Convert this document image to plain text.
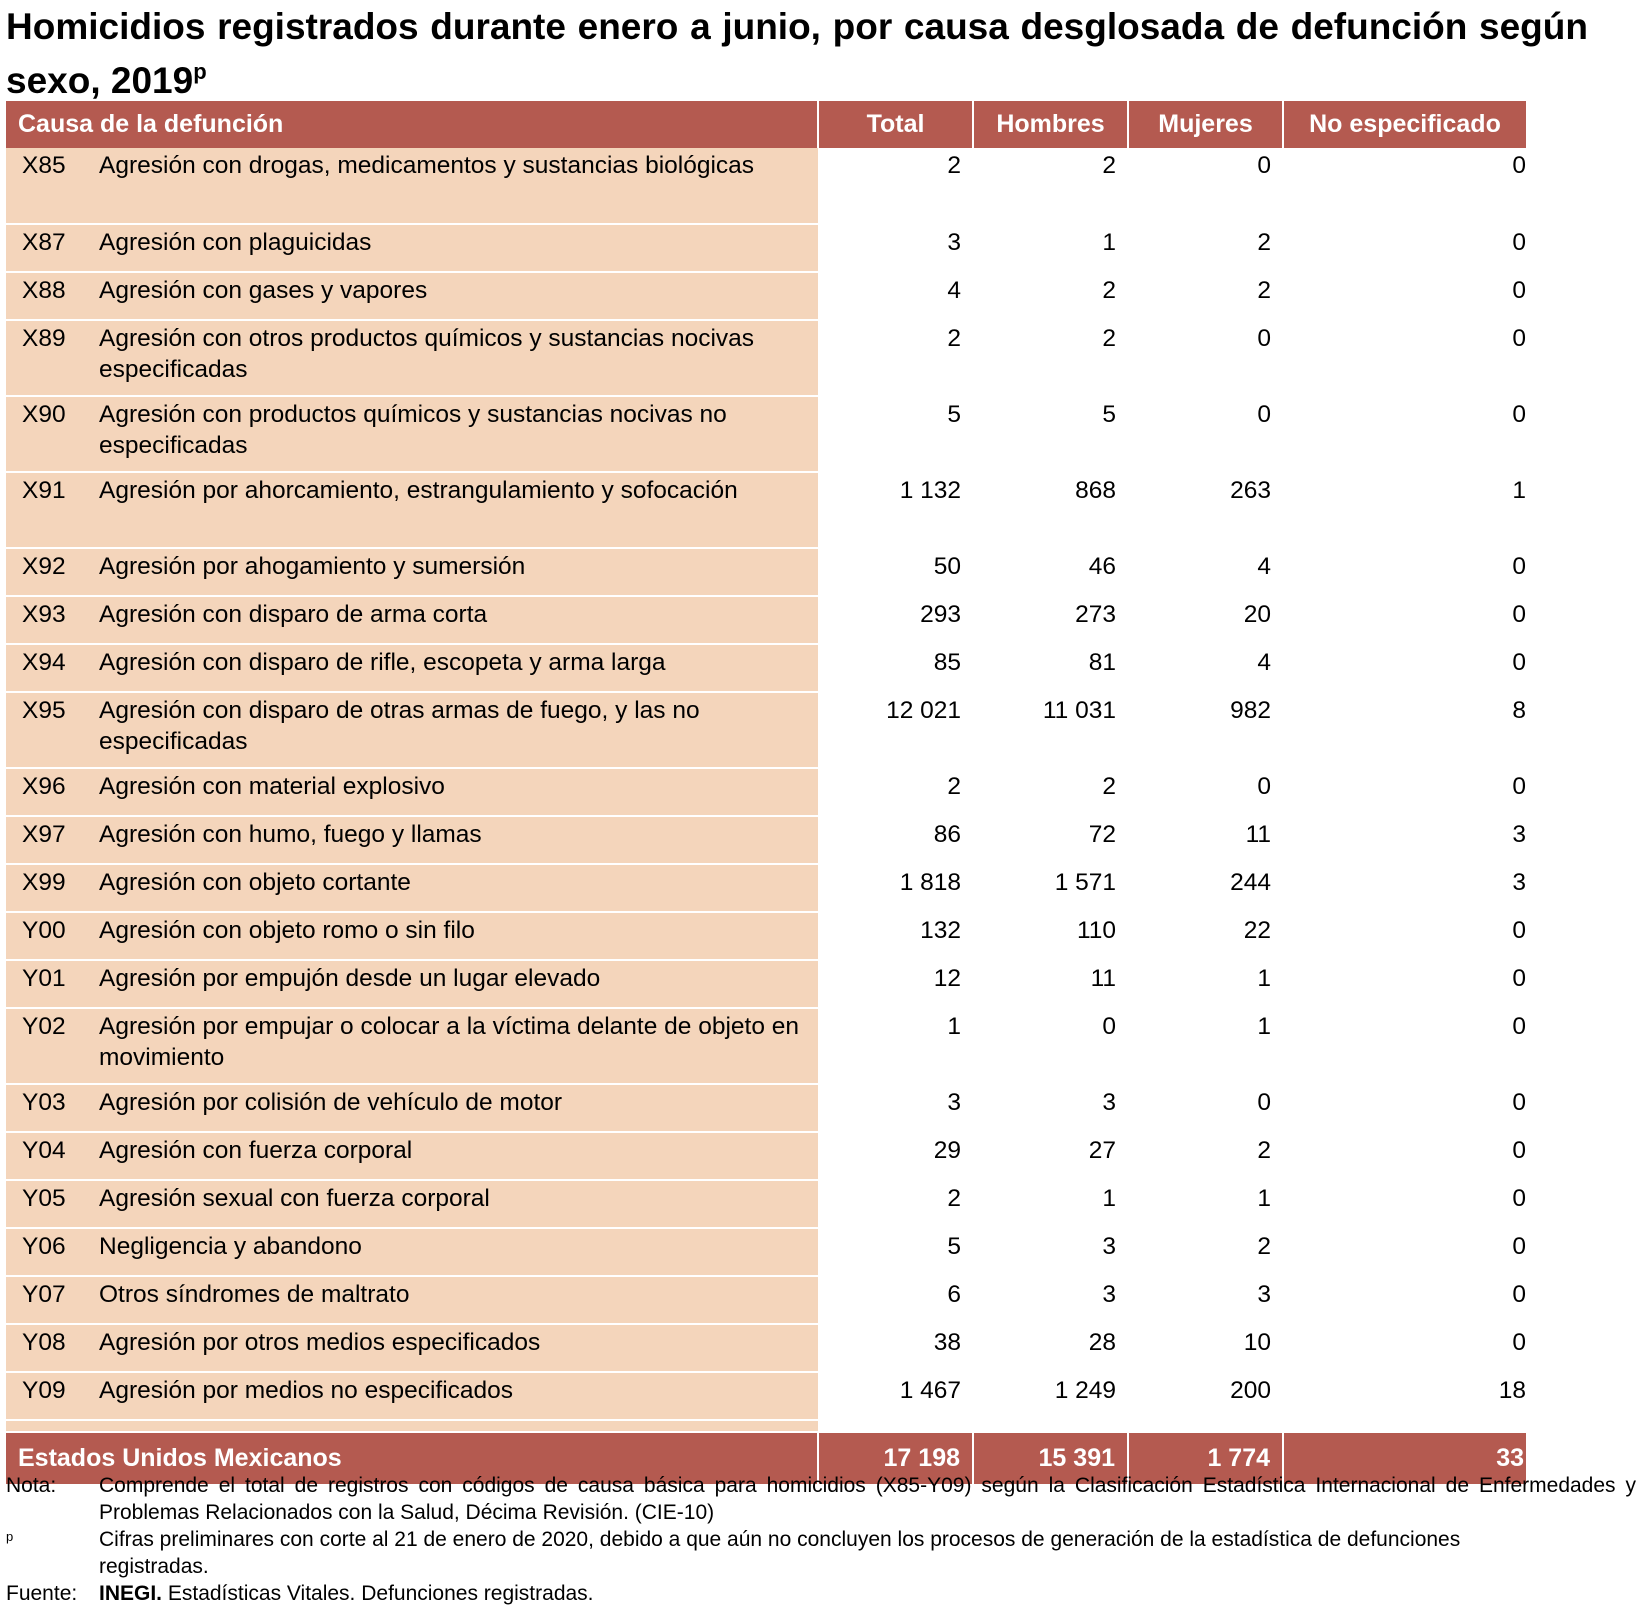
Homicidios registrados durante enero a junio, por causa desglosada de defunción según sexo, 2019$^p$
Causa de la defunción		Total	Hombres	Mujeres	No especificado
X85	Agresión con drogas, medicamentos y sustancias biológicas	2	2	0	0
X87	Agresión con plaguicidas	3	1	2	0
X88	Agresión con gases y vapores	4	2	2	0
X89	Agresión con otros productos químicos y sustancias nocivas especificadas	2	2	0	0
X90	Agresión con productos químicos y sustancias nocivas no especificadas	5	5	0	0
X91	Agresión por ahorcamiento, estrangulamiento y sofocación	1 132	868	263	1
X92	Agresión por ahogamiento y sumersión	50	46	4	0
X93	Agresión con disparo de arma corta	293	273	20	0
X94	Agresión con disparo de rifle, escopeta y arma larga	85	81	4	0
X95	Agresión con disparo de otras armas de fuego, y las no especificadas	12 021	11 031	982	8
X96	Agresión con material explosivo	2	2	0	0
X97	Agresión con humo, fuego y llamas	86	72	11	3
X99	Agresión con objeto cortante	1 818	1 571	244	3
Y00	Agresión con objeto romo o sin filo	132	110	22	0
Y01	Agresión por empujón desde un lugar elevado	12	11	1	0
Y02	Agresión por empujar o colocar a la víctima delante de objeto en movimiento	1	0	1	0
Y03	Agresión por colisión de vehículo de motor	3	3	0	0
Y04	Agresión con fuerza corporal	29	27	2	0
Y05	Agresión sexual con fuerza corporal	2	1	1	0
Y06	Negligencia y abandono	5	3	2	0
Y07	Otros síndromes de maltrato	6	3	3	0
Y08	Agresión por otros medios especificados	38	28	10	0
Y09	Agresión por medios no especificados	1 467	1 249	200	18

Estados Unidos Mexicanos		17 198	15 391	1 774	33
Nota:	Comprende el total de registros con códigos de causa básica para homicidios (X85-Y09) según la Clasificación Estadística Internacional de Enfermedades y Problemas Relacionados con la Salud, Décima Revisión. (CIE-10)
p	Cifras preliminares con corte al 21 de enero de 2020, debido a que aún no concluyen los procesos de generación de la estadística de defunciones registradas.
Fuente:	INEGI. Estadísticas Vitales. Defunciones registradas.
